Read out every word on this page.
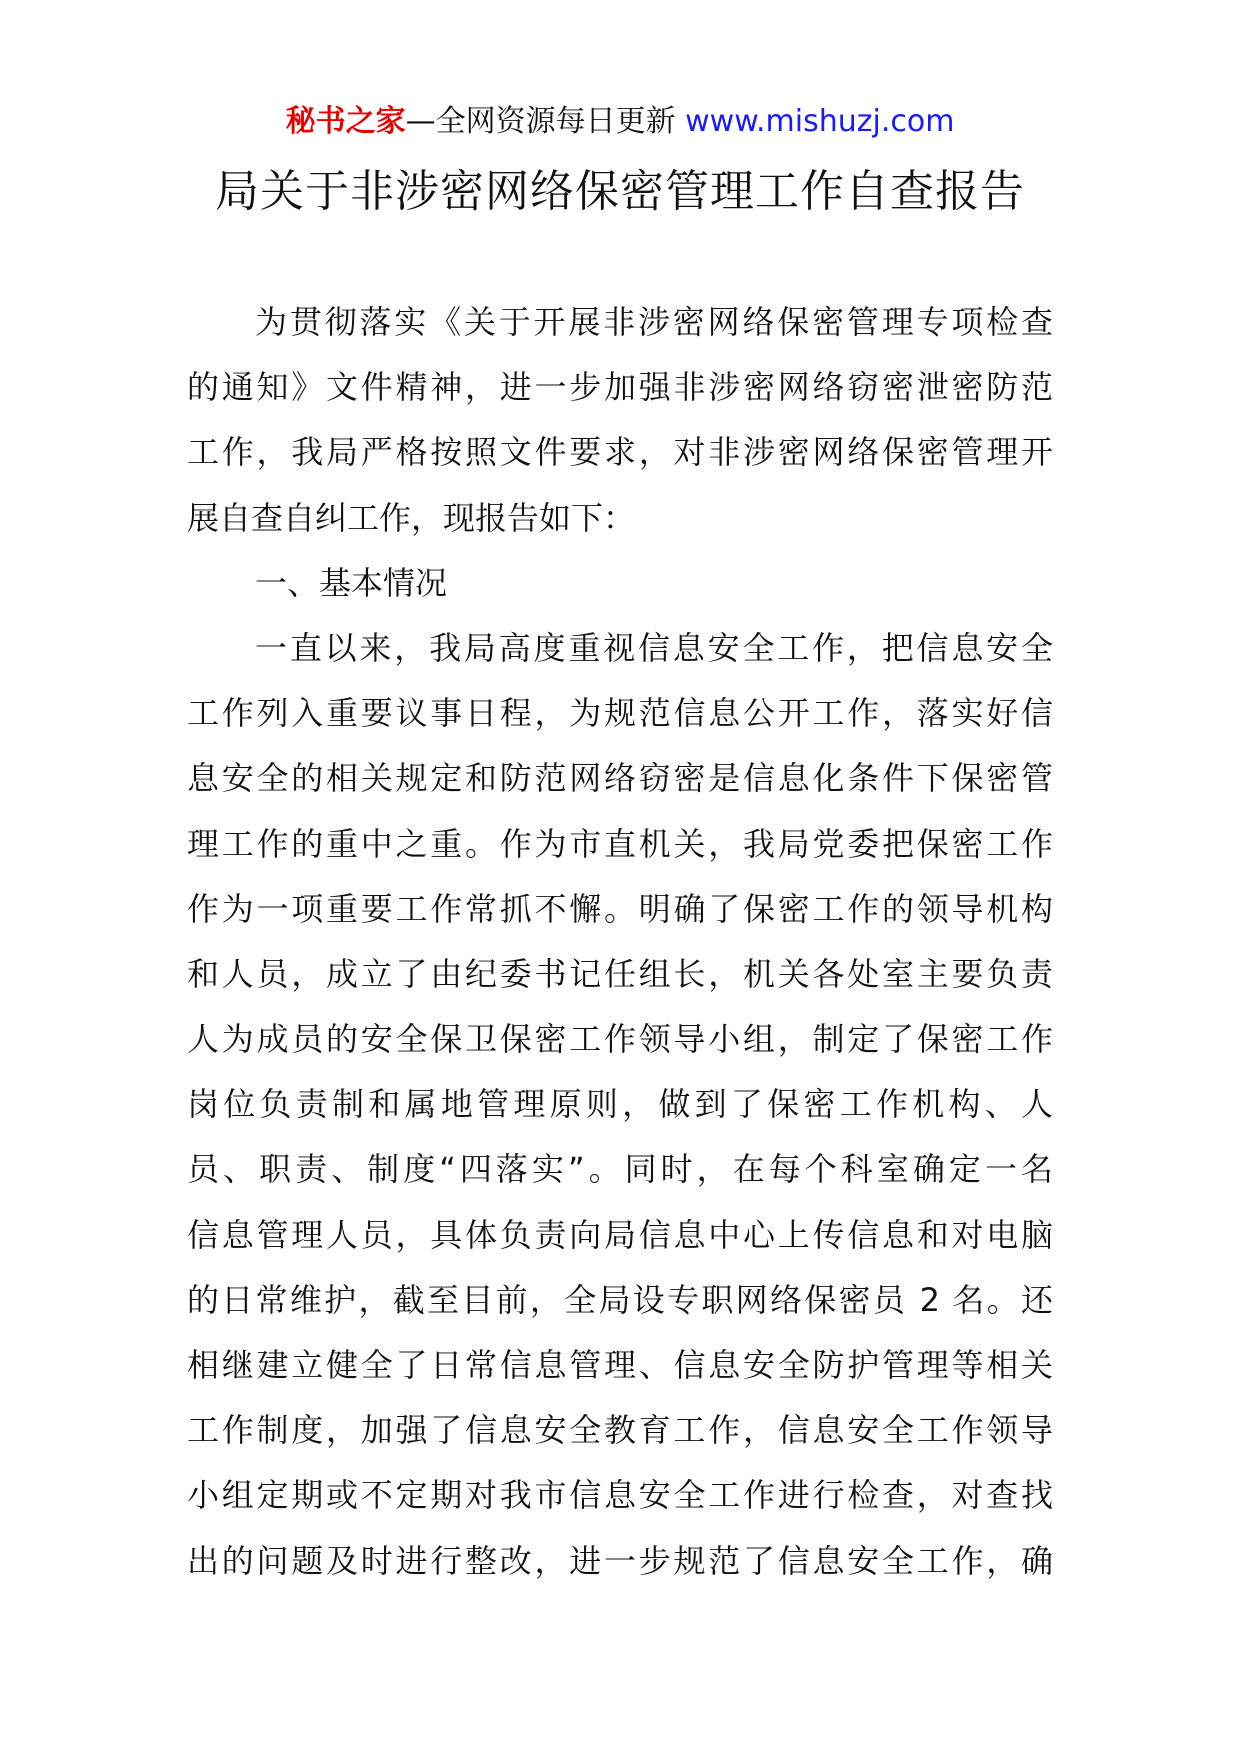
秘书之家—全网资源每日更新 www.mishuzj.com
局关于非涉密网络保密管理工作自查报告
为贯彻落实《关于开展非涉密网络保密管理专项检查
的通知》文件精神，进一步加强非涉密网络窃密泄密防范
工作，我局严格按照文件要求，对非涉密网络保密管理开
展自查自纠工作，现报告如下：
一、基本情况
一直以来，我局高度重视信息安全工作，把信息安全
工作列入重要议事日程，为规范信息公开工作，落实好信
息安全的相关规定和防范网络窃密是信息化条件下保密管
理工作的重中之重。作为市直机关，我局党委把保密工作
作为一项重要工作常抓不懈。明确了保密工作的领导机构
和人员，成立了由纪委书记任组长，机关各处室主要负责
人为成员的安全保卫保密工作领导小组，制定了保密工作
岗位负责制和属地管理原则，做到了保密工作机构、人
员、职责、制度“四落实”。同时，在每个科室确定一名
信息管理人员，具体负责向局信息中心上传信息和对电脑
的日常维护，截至目前，全局设专职网络保密员 2 名。还
相继建立健全了日常信息管理、信息安全防护管理等相关
工作制度，加强了信息安全教育工作，信息安全工作领导
小组定期或不定期对我市信息安全工作进行检查，对查找
出的问题及时进行整改，进一步规范了信息安全工作，确
